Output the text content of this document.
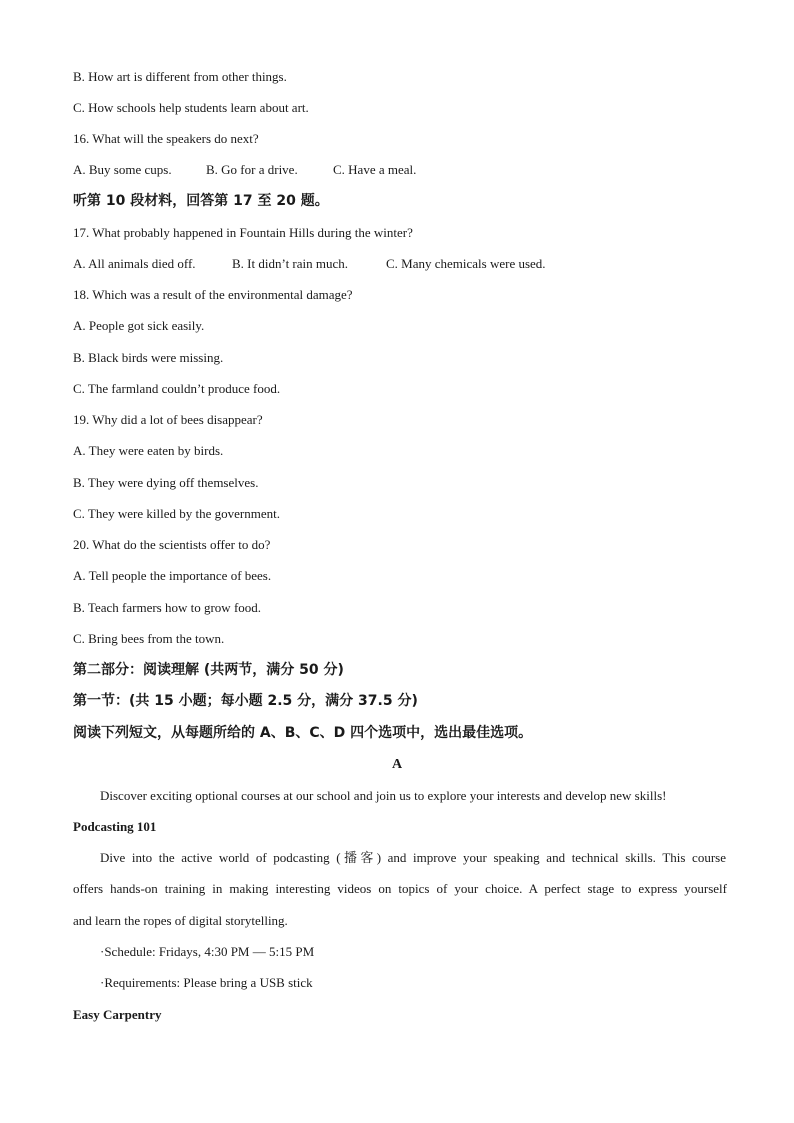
B. How art is different from other things.
C. How schools help students learn about art.
16. What will the speakers do next?
A. Buy some cups.	B. Go for a drive.	C. Have a meal.
听第 10 段材料，回答第 17 至 20 题。
17. What probably happened in Fountain Hills during the winter?
A. All animals died off.	B. It didn’t rain much.	C. Many chemicals were used.
18. Which was a result of the environmental damage?
A. People got sick easily.
B. Black birds were missing.
C. The farmland couldn’t produce food.
19. Why did a lot of bees disappear?
A. They were eaten by birds.
B. They were dying off themselves.
C. They were killed by the government.
20. What do the scientists offer to do?
A. Tell people the importance of bees.
B. Teach farmers how to grow food.
C. Bring bees from the town.
第二部分：阅读理解 (共两节，满分 50 分)
第一节：(共 15 小题；每小题 2.5 分，满分 37.5 分)
阅读下列短文，从每题所给的 A、B、C、D 四个选项中，选出最佳选项。
A
Discover exciting optional courses at our school and join us to explore your interests and develop new skills!
Podcasting 101
Dive into the active world of podcasting (播客) and improve your speaking and technical skills. This course
offers hands-on training in making interesting videos on topics of your choice. A perfect stage to express yourself
and learn the ropes of digital storytelling.
·Schedule: Fridays, 4:30 PM — 5:15 PM
·Requirements: Please bring a USB stick
Easy Carpentry
